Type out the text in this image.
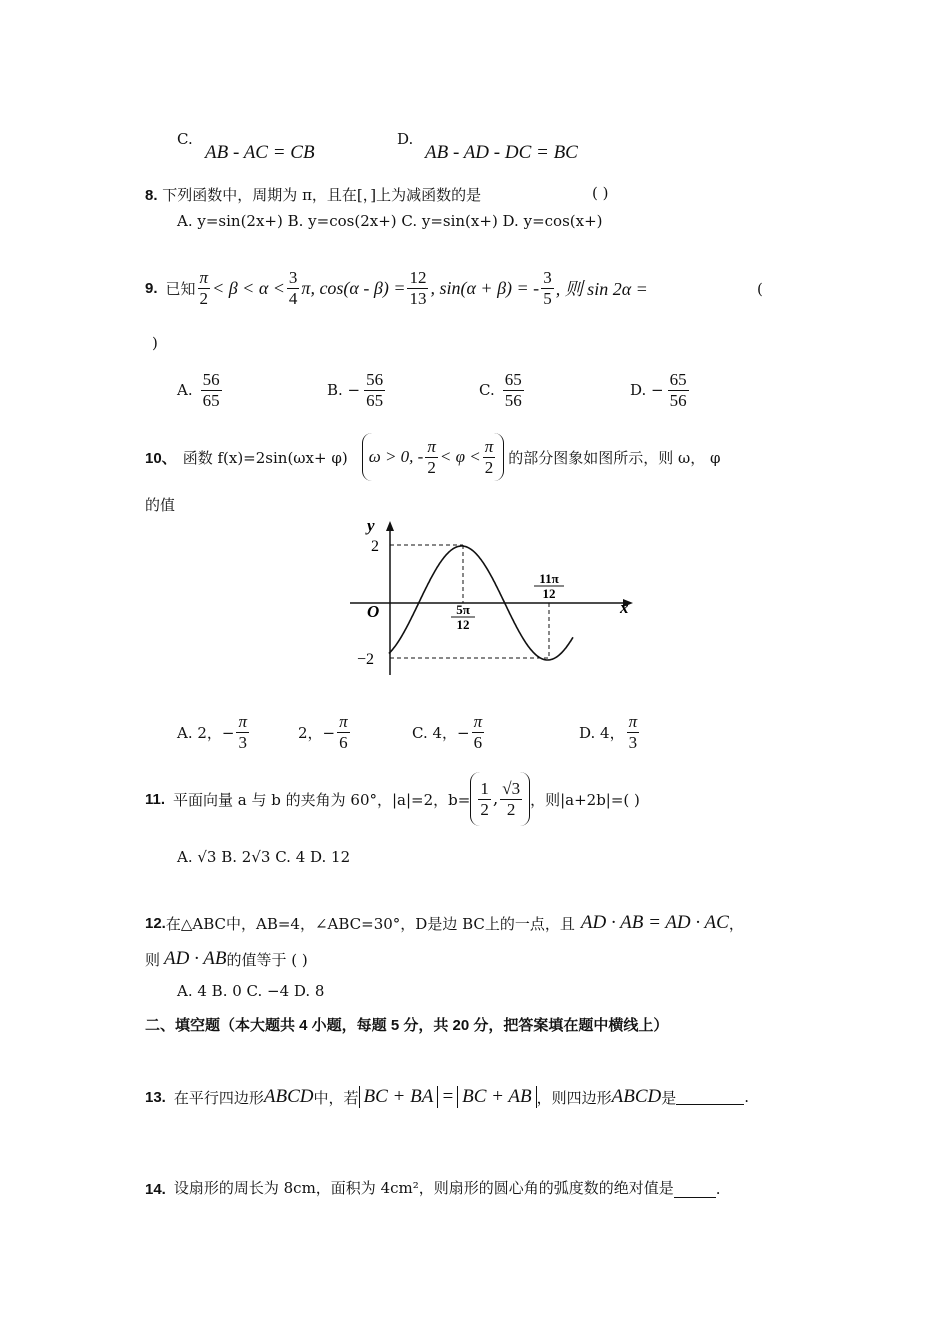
C.
AB - AC = CB
D.
AB - AD - DC = BC
8. 下列函数中，周期为 π，且在[，]上为减函数的是	( )
A. y=sin(2x+) B. y=cos(2x+) C. y=sin(x+) D. y=cos(x+)
9. 已知 $\frac{\pi}{2} < \beta < \alpha < \frac{3}{4} \pi$, $\cos(\alpha - \beta) = \frac{12}{13}$ , sin(α + β) = - $\frac{3}{5}$ , 则 sin 2α =	(
)
A. $\frac{56}{65}$	B. − $\frac{56}{65}$	C. $\frac{65}{56}$	D. − $\frac{65}{56}$
10、 函数 f(x)=2sin(ωx+ φ) ω > 0, - $\frac{\pi}{2} < \varphi < \frac{\pi}{2}$ 的部分图象如图所示，则 ω， φ
的值
y
x
O
2
−2
5π
12
11π
12
A. 2，− $\frac{\pi}{3}$	2，− $\frac{\pi}{6}$	C. 4，− $\frac{\pi}{6}$	D. 4， $\frac{\pi}{3}$
11. 平面向量 a 与 b 的夹角为 60°，|a|=2，$b= \frac{1}{2}$ , $\frac{√3}{2}$ ，则|a+2b|=( )
A. √3 B. 2√3 C. 4 D. 12
12. 在△ABC中，AB=4，∠ABC=30°，D是边 BC上的一点，且 AD · AB = AD · AC ，
则 AD · AB 的值等于 ( )
A. 4 B. 0 C. −4 D. 8
二、填空题（本大题共 4 小题，每题 5 分，共 20 分，把答案填在题中横线上）
13. 在平行四边形 ABCD 中，若 BC + BA = BC + AB ，则四边形 ABCD 是	.
14. 设扇形的周长为 8cm，面积为 4cm²，则扇形的圆心角的弧度数的绝对值是	.
